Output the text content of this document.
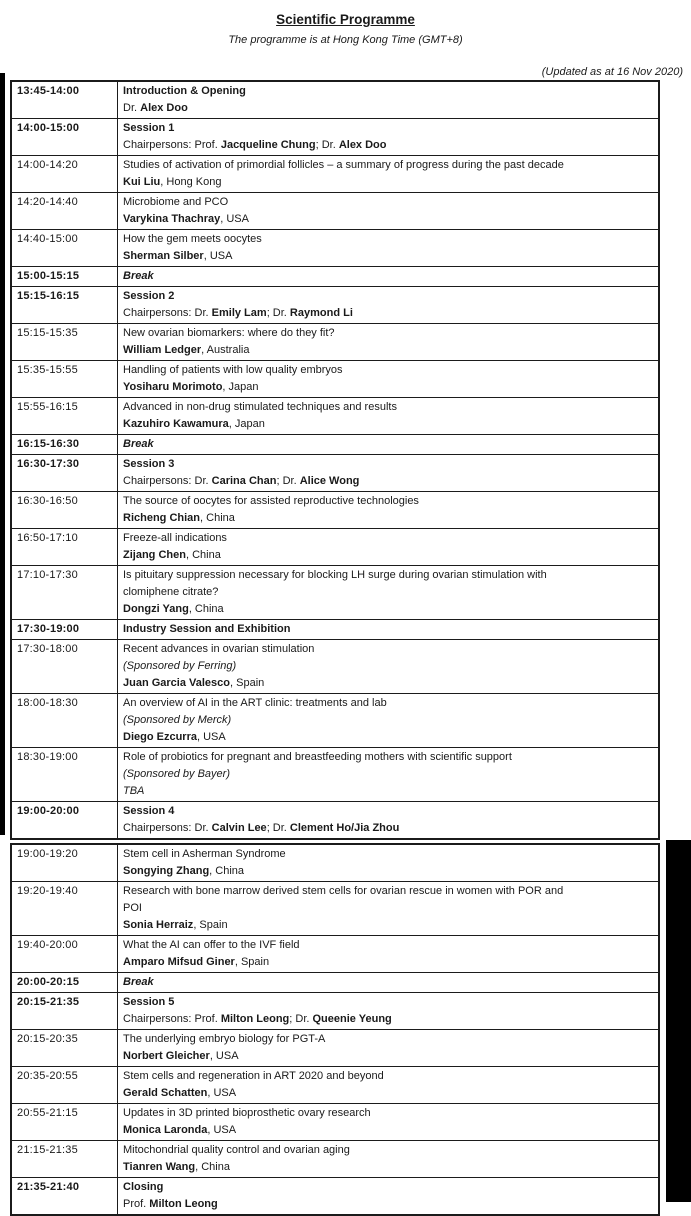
Scientific Programme
The programme is at Hong Kong Time (GMT+8)
(Updated as at 16 Nov 2020)
13:45-14:00	Introduction & Opening
Dr. Alex Doo

14:00-15:00	Session 1
Chairpersons: Prof. Jacqueline Chung; Dr. Alex Doo

14:00-14:20	Studies of activation of primordial follicles – a summary of progress during the past decade
Kui Liu, Hong Kong

14:20-14:40	Microbiome and PCO
Varykina Thachray, USA

14:40-15:00	How the gem meets oocytes
Sherman Silber, USA

15:00-15:15	Break

15:15-16:15	Session 2
Chairpersons: Dr. Emily Lam; Dr. Raymond Li

15:15-15:35	New ovarian biomarkers: where do they fit?
William Ledger, Australia

15:35-15:55	Handling of patients with low quality embryos
Yosiharu Morimoto, Japan

15:55-16:15	Advanced in non-drug stimulated techniques and results
Kazuhiro Kawamura, Japan

16:15-16:30	Break

16:30-17:30	Session 3
Chairpersons: Dr. Carina Chan; Dr. Alice Wong

16:30-16:50	The source of oocytes for assisted reproductive technologies
Richeng Chian, China

16:50-17:10	Freeze-all indications
Zijang Chen, China

17:10-17:30	Is pituitary suppression necessary for blocking LH surge during ovarian stimulation with
clomiphene citrate?
Dongzi Yang, China

17:30-19:00	Industry Session and Exhibition

17:30-18:00	Recent advances in ovarian stimulation
(Sponsored by Ferring)
Juan Garcia Valesco, Spain

18:00-18:30	An overview of AI in the ART clinic: treatments and lab
(Sponsored by Merck)
Diego Ezcurra, USA

18:30-19:00	Role of probiotics for pregnant and breastfeeding mothers with scientific support
(Sponsored by Bayer)
TBA

19:00-20:00	Session 4
Chairpersons: Dr. Calvin Lee; Dr. Clement Ho/Jia Zhou
19:00-19:20	Stem cell in Asherman Syndrome
Songying Zhang, China

19:20-19:40	Research with bone marrow derived stem cells for ovarian rescue in women with POR and
POI
Sonia Herraiz, Spain

19:40-20:00	What the AI can offer to the IVF field
Amparo Mifsud Giner, Spain

20:00-20:15	Break

20:15-21:35	Session 5
Chairpersons: Prof. Milton Leong; Dr. Queenie Yeung

20:15-20:35	The underlying embryo biology for PGT-A
Norbert Gleicher, USA

20:35-20:55	Stem cells and regeneration in ART 2020 and beyond
Gerald Schatten, USA

20:55-21:15	Updates in 3D printed bioprosthetic ovary research
Monica Laronda, USA

21:15-21:35	Mitochondrial quality control and ovarian aging
Tianren Wang, China

21:35-21:40	Closing
Prof. Milton Leong
